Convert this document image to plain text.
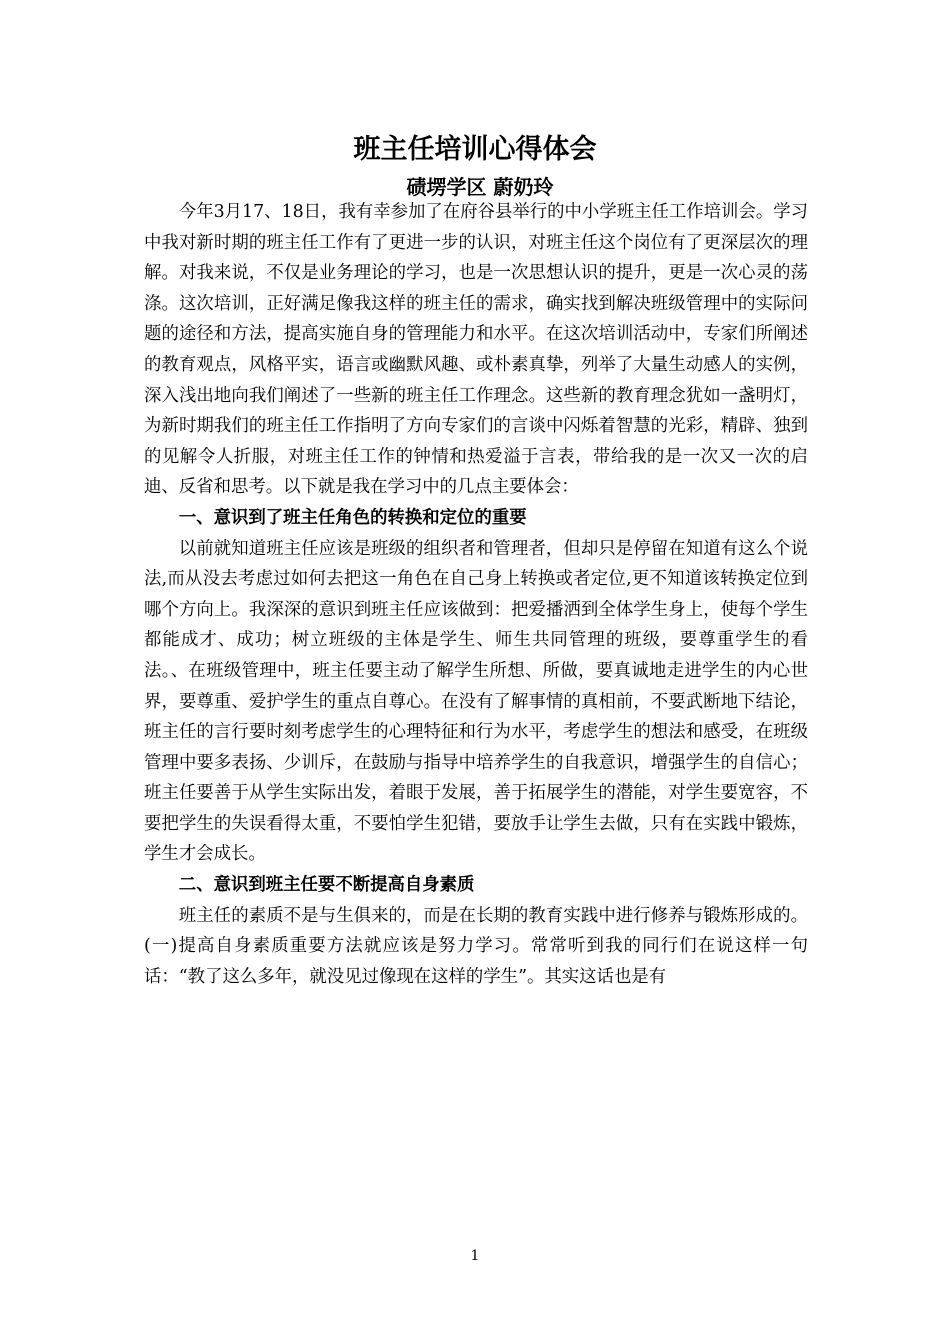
班主任培训心得体会
碛塄学区 蔚奶玲

今年3月17、18日，我有幸参加了在府谷县举行的中小学班主任工作培训会。学习中我对新时期的班主任工作有了更进一步的认识，对班主任这个岗位有了更深层次的理解。对我来说，不仅是业务理论的学习，也是一次思想认识的提升，更是一次心灵的荡涤。这次培训，正好满足像我这样的班主任的需求，确实找到解决班级管理中的实际问题的途径和方法，提高实施自身的管理能力和水平。在这次培训活动中，专家们所阐述的教育观点，风格平实，语言或幽默风趣、或朴素真挚，列举了大量生动感人的实例，深入浅出地向我们阐述了一些新的班主任工作理念。这些新的教育理念犹如一盏明灯，为新时期我们的班主任工作指明了方向专家们的言谈中闪烁着智慧的光彩，精辟、独到的见解令人折服，对班主任工作的钟情和热爱溢于言表，带给我的是一次又一次的启迪、反省和思考。以下就是我在学习中的几点主要体会：

一、意识到了班主任角色的转换和定位的重要

以前就知道班主任应该是班级的组织者和管理者，但却只是停留在知道有这么个说法,而从没去考虑过如何去把这一角色在自己身上转换或者定位,更不知道该转换定位到哪个方向上。我深深的意识到班主任应该做到：把爱播洒到全体学生身上，使每个学生都能成才、成功；树立班级的主体是学生、师生共同管理的班级，要尊重学生的看法。、在班级管理中，班主任要主动了解学生所想、所做，要真诚地走进学生的内心世界，要尊重、爱护学生的重点自尊心。在没有了解事情的真相前，不要武断地下结论，班主任的言行要时刻考虑学生的心理特征和行为水平，考虑学生的想法和感受，在班级管理中要多表扬、少训斥，在鼓励与指导中培养学生的自我意识，增强学生的自信心；班主任要善于从学生实际出发，着眼于发展，善于拓展学生的潜能，对学生要宽容，不要把学生的失误看得太重，不要怕学生犯错，要放手让学生去做，只有在实践中锻炼，学生才会成长。

二、意识到班主任要不断提高自身素质

班主任的素质不是与生俱来的，而是在长期的教育实践中进行修养与锻炼形成的。(一)提高自身素质重要方法就应该是努力学习。常常听到我的同行们在说这样一句话：“教了这么多年，就没见过像现在这样的学生”。其实这话也是有

1
